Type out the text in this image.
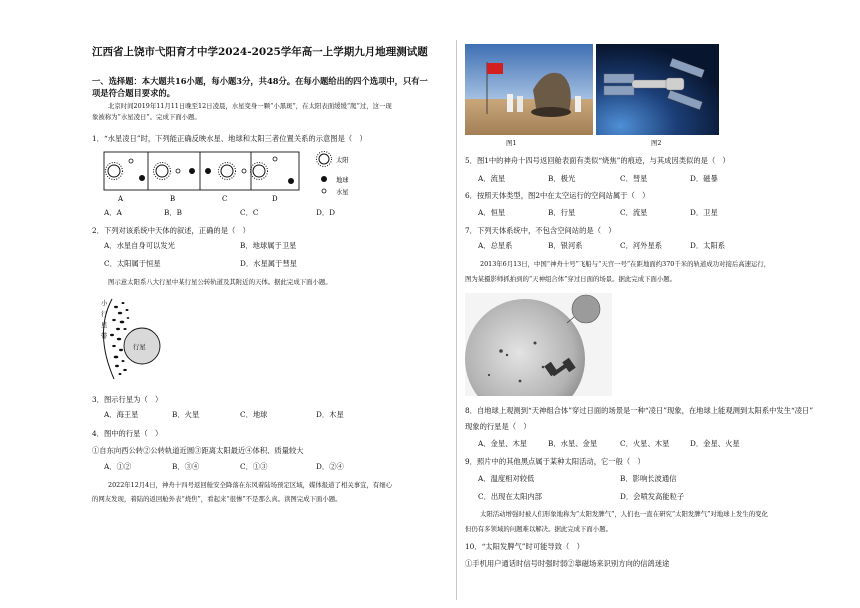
江西省上饶市弋阳育才中学2024-2025学年高一上学期九月地理测试题
一、选择题：本大题共16小题，每小题3分，共48分。在每小题给出的四个选项中，只有一
项是符合题目要求的。
北京时间2019年11月11日晚至12日凌晨，水星变身一颗“小黑斑”，在太阳表面缓缓“爬”过，这一现
象被称为“水星凌日”。完成下面小题。
1．“水星凌日”时，下列能正确反映水星、地球和太阳三者位置关系的示意图是（　）
A	B	C	D
太阳
地球
水星
A．A	B．B	C．C	D．D
2．下列对该系统中天体的叙述，正确的是（　）
A．水星自身可以发光	B．地球属于卫星
C．太阳属于恒星	D．水星属于彗星
图示意太阳系八大行星中某行星公转轨道及其附近的天体。据此完成下面小题。
小行星带
行星
3．图示行星为（　）
A．海王星	B．火星	C．地球	D．木星
4．图中的行星（　）
①自东向西公转②公转轨道近圆③距离太阳最近④体积、质量较大
A．①②	B．③④	C．①③	D．②④
2022年12月4日，神舟十四号返回舱安全降落在东风着陆场预定区域，媒体报道了相关事宜，有细心
的网友发现，着陆的返回舱外表“烧焦”，看起来“很惨”不是那么真。读图完成下面小题。
图1	图2
5．图1中的神舟十四号返回舱表面有类似“烧焦”的痕迹，与其成因类似的是（　）
A．流星	B．极光	C．彗星	D．磁暴
6．按照天体类型，图2中在太空运行的空间站属于（　）
A．恒星	B．行星	C．流星	D．卫星
7．下列天体系统中，不包含空间站的是（　）
A．总星系	B．银河系	C．河外星系	D．太阳系
2013年6月13日，中国“神舟十号”飞船与“天宫一号”在距地面约370千米的轨道成功对接后高速运行，
图为某摄影师抓拍到的“天神组合体”穿过日面的场景。据此完成下面小题。
8．自地球上观测到“天神组合体”穿过日面的场景是一种“凌日”现象，在地球上能观测到太阳系中发生“凌日”
现象的行星是（　）
A．金星、木星	B．水星、金星	C．火星、木星	D．金星、火星
9．照片中的其他黑点属于某种太阳活动，它一般（　）
A．温度相对较低	B．影响长波通信
C．出现在太阳内部	D．会喷发高能粒子
太阳活动增强时被人们形象地称为“太阳发脾气”，人们也一直在研究“太阳发脾气”对地球上发生的变化
但仍有多领域的问题难以解决。据此完成下面小题。
10．“太阳发脾气”时可能导致（　）
①手机用户通话时信号时强时弱②靠磁场来识别方向的信鸽迷途
